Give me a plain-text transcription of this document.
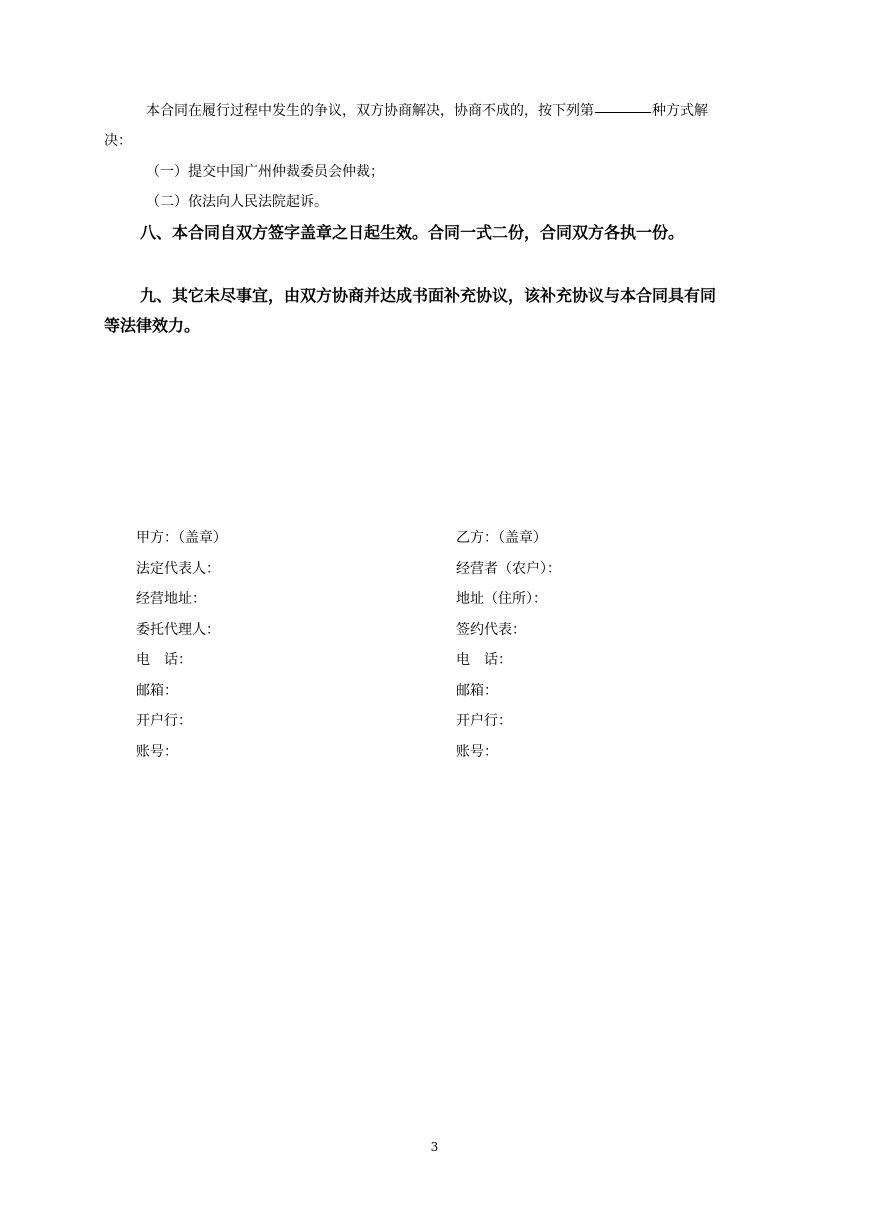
本合同在履行过程中发生的争议，双方协商解决，协商不成的，按下列第	种方式解
决：
（一）提交中国广州仲裁委员会仲裁；
（二）依法向人民法院起诉。
八、本合同自双方签字盖章之日起生效。合同一式二份，合同双方各执一份。
九、其它未尽事宜，由双方协商并达成书面补充协议，该补充协议与本合同具有同
等法律效力。
甲方：（盖章）
法定代表人：
经营地址：
委托代理人：
电　话：
邮箱：
开户行：
账号：
乙方：（盖章）
经营者（农户）：
地址（住所）：
签约代表：
电　话：
邮箱：
开户行：
账号：
3
